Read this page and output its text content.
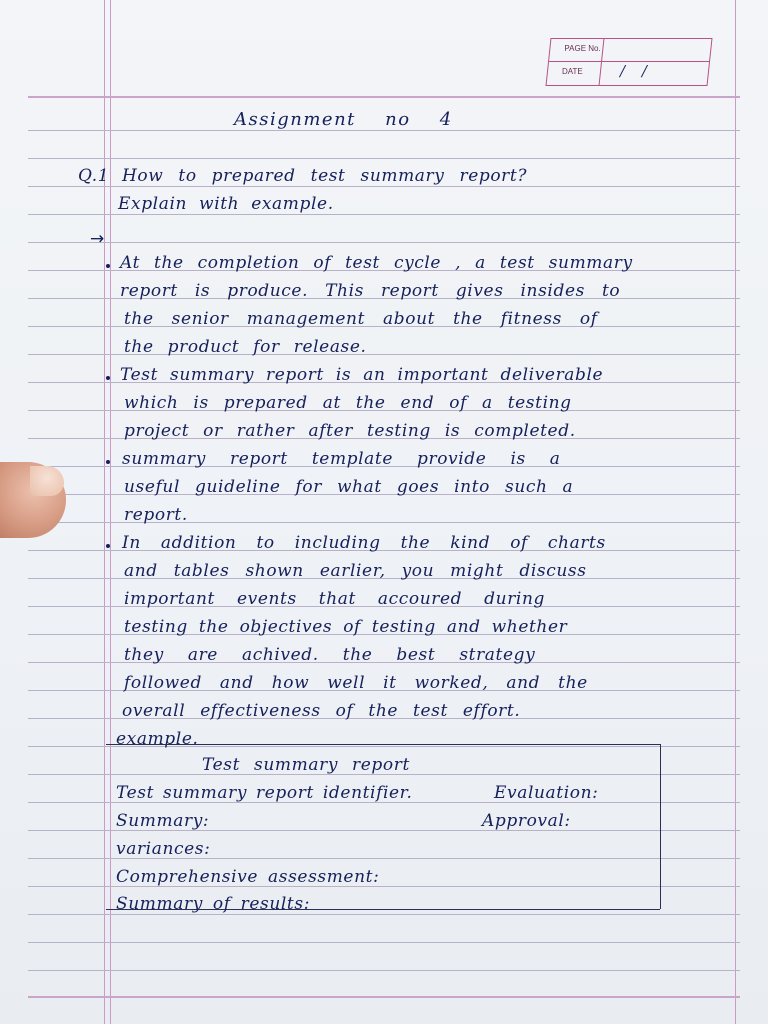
PAGE No.
DATE / /
Assignment no 4
Q.1 How to prepared test summary report?
Explain with example.
→
At the completion of test cycle , a test summary
report is produce. This report gives insides to
the senior management about the fitness of
the product for release.
Test summary report is an important deliverable
which is prepared at the end of a testing
project or rather after testing is completed.
summary report template provide is a
useful guideline for what goes into such a
report.
In addition to including the kind of charts
and tables shown earlier, you might discuss
important events that accoured during
testing the objectives of testing and whether
they are achived. the best strategy
followed and how well it worked, and the
overall effectiveness of the test effort.
example.
Test summary report
Test summary report identifier.	Evaluation:
Summary:	Approval:
variances:
Comprehensive assessment:
Summary of results:
